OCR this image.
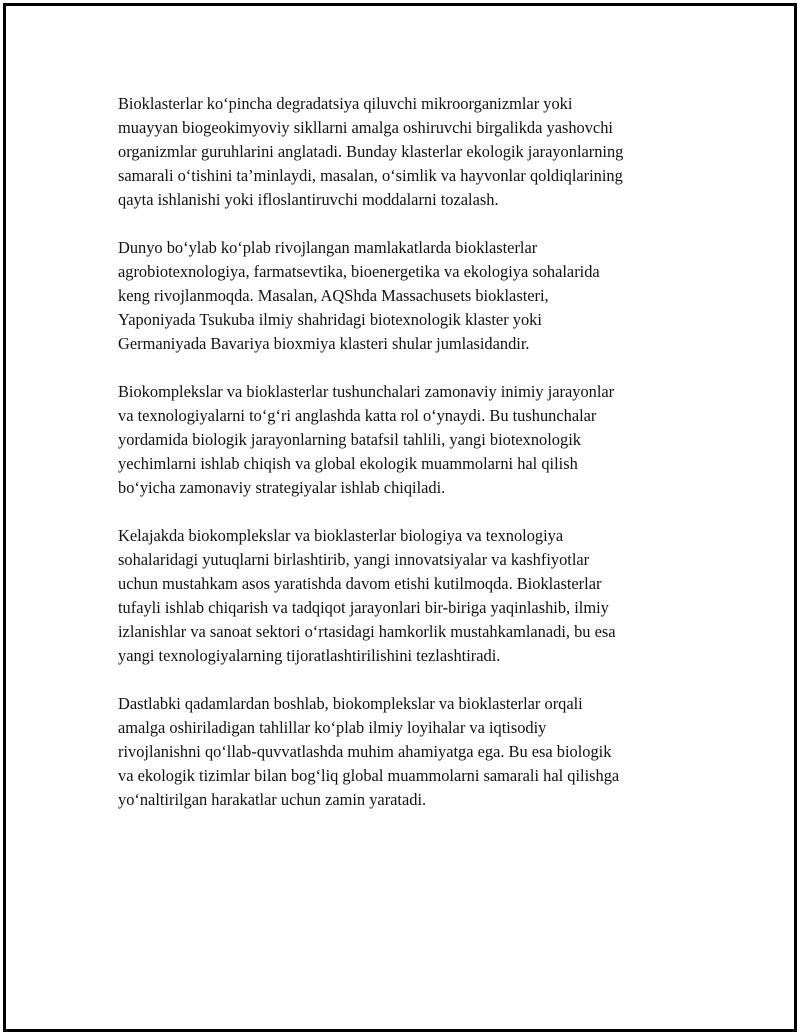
Bioklasterlar ko‘pincha degradatsiya qiluvchi mikroorganizmlar yoki
muayyan biogeokimyoviy sikllarni amalga oshiruvchi birgalikda yashovchi
organizmlar guruhlarini anglatadi. Bunday klasterlar ekologik jarayonlarning
samarali o‘tishini ta’minlaydi, masalan, o‘simlik va hayvonlar qoldiqlarining
qayta ishlanishi yoki ifloslantiruvchi moddalarni tozalash.

Dunyo bo‘ylab ko‘plab rivojlangan mamlakatlarda bioklasterlar
agrobiotexnologiya, farmatsevtika, bioenergetika va ekologiya sohalarida
keng rivojlanmoqda. Masalan, AQShda Massachusets bioklasteri,
Yaponiyada Tsukuba ilmiy shahridagi biotexnologik klaster yoki
Germaniyada Bavariya bioxmiya klasteri shular jumlasidandir.

Biokomplekslar va bioklasterlar tushunchalari zamonaviy inimiy jarayonlar
va texnologiyalarni to‘g‘ri anglashda katta rol o‘ynaydi. Bu tushunchalar
yordamida biologik jarayonlarning batafsil tahlili, yangi biotexnologik
yechimlarni ishlab chiqish va global ekologik muammolarni hal qilish
bo‘yicha zamonaviy strategiyalar ishlab chiqiladi.

Kelajakda biokomplekslar va bioklasterlar biologiya va texnologiya
sohalaridagi yutuqlarni birlashtirib, yangi innovatsiyalar va kashfiyotlar
uchun mustahkam asos yaratishda davom etishi kutilmoqda. Bioklasterlar
tufayli ishlab chiqarish va tadqiqot jarayonlari bir-biriga yaqinlashib, ilmiy
izlanishlar va sanoat sektori o‘rtasidagi hamkorlik mustahkamlanadi, bu esa
yangi texnologiyalarning tijoratlashtirilishini tezlashtiradi.

Dastlabki qadamlardan boshlab, biokomplekslar va bioklasterlar orqali
amalga oshiriladigan tahlillar ko‘plab ilmiy loyihalar va iqtisodiy
rivojlanishni qo‘llab-quvvatlashda muhim ahamiyatga ega. Bu esa biologik
va ekologik tizimlar bilan bog‘liq global muammolarni samarali hal qilishga
yo‘naltirilgan harakatlar uchun zamin yaratadi.
